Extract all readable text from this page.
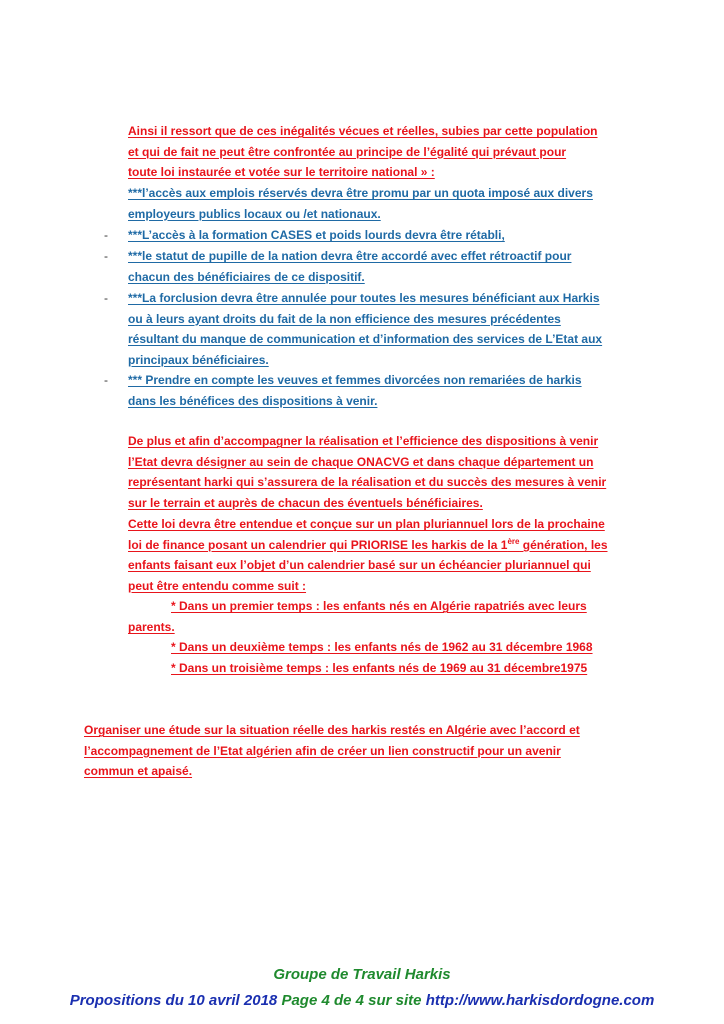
Ainsi il ressort que de ces inégalités vécues et réelles, subies par cette population
et qui de fait ne peut être confrontée au principe de l’égalité qui prévaut pour
toute loi instaurée et votée sur le territoire national » :
***l’accès aux emplois réservés devra être promu par un quota imposé aux divers
employeurs publics locaux ou /et nationaux.
- ***L’accès à la formation CASES et poids lourds devra être rétabli,
- ***le statut de pupille de la nation devra être accordé avec effet rétroactif pour
chacun des bénéficiaires de ce dispositif.
- ***La forclusion devra être annulée pour toutes les mesures bénéficiant aux Harkis
ou à leurs ayant droits du fait de la non efficience des mesures précédentes
résultant du manque de communication et d’information des services de L’Etat aux
principaux bénéficiaires.
- *** Prendre en compte les veuves et femmes divorcées non remariées de harkis
dans les bénéfices des dispositions à venir.
De plus et afin d’accompagner la réalisation et l’efficience des dispositions à venir
l’Etat devra désigner au sein de chaque ONACVG et dans chaque département un
représentant harki qui s’assurera de la réalisation et du succès des mesures à venir
sur le terrain et auprès de chacun des éventuels bénéficiaires.
Cette loi devra être entendue et conçue sur un plan pluriannuel lors de la prochaine
loi de finance posant un calendrier qui PRIORISE les harkis de la 1ère génération, les
enfants faisant eux l’objet d’un calendrier basé sur un échéancier pluriannuel qui
peut être entendu comme suit :
* Dans un premier temps : les enfants nés en Algérie rapatriés avec leurs
parents.
* Dans un deuxième temps : les enfants nés de 1962 au 31 décembre 1968
* Dans un troisième temps : les enfants nés de 1969 au 31 décembre1975
Organiser une étude sur la situation réelle des harkis restés en Algérie avec l’accord et
l’accompagnement de l’Etat algérien afin de créer un lien constructif pour un avenir
commun et apaisé.
Groupe de Travail Harkis
Propositions du 10 avril 2018 Page 4 de 4 sur site http://www.harkisdordogne.com
